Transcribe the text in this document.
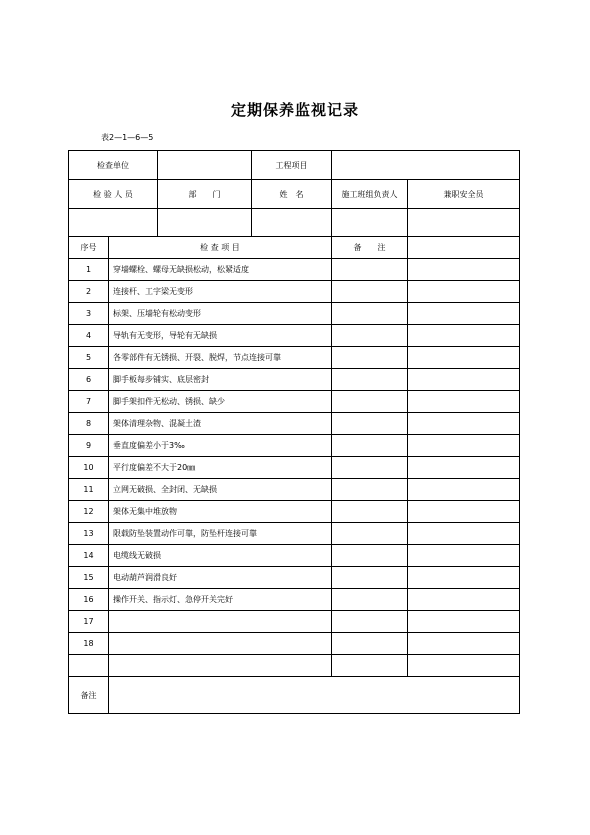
定期保养监视记录
表2—1—6—5
检查单位			工程项目		
检 验 人 员		部　　门	姓　名	施工班组负责人	兼职安全员

序号	检 查 项 目			备　　注	
1	穿墙螺栓、螺母无缺损松动，松紧适度				
2	连接杆、工字梁无变形				
3	标架、压墙轮有松动变形				
4	导轨有无变形，导轮有无缺损				
5	各零部件有无锈损、开裂、脱焊，节点连接可靠				
6	脚手板每步铺实、底层密封				
7	脚手架扣件无松动、锈损、缺少				
8	架体清理杂物、混凝土渣				
9	垂直度偏差小于3‰				
10	平行度偏差不大于20㎜				
11	立网无破损、全封闭、无缺损				
12	架体无集中堆放物				
13	限载防坠装置动作可靠，防坠杆连接可靠				
14	电缆线无破损				
15	电动葫芦润滑良好				
16	操作开关、指示灯、急停开关完好				
17					
18					

备注					
